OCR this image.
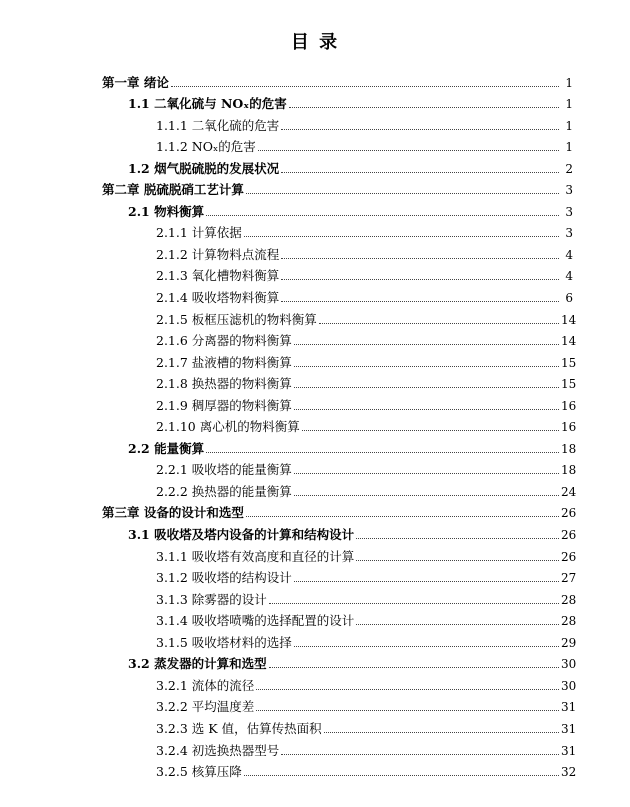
目 录
第一章 绪论	1
1.1 二氧化硫与 NOₓ的危害	1
1.1.1 二氧化硫的危害	1
1.1.2 NOₓ的危害	1
1.2 烟气脱硫脱的发展状况	2
第二章 脱硫脱硝工艺计算	3
2.1 物料衡算	3
2.1.1 计算依据	3
2.1.2 计算物料点流程	4
2.1.3 氧化槽物料衡算	4
2.1.4 吸收塔物料衡算	6
2.1.5 板框压滤机的物料衡算	14
2.1.6 分离器的物料衡算	14
2.1.7 盐液槽的物料衡算	15
2.1.8 换热器的物料衡算	15
2.1.9 稠厚器的物料衡算	16
2.1.10 离心机的物料衡算	16
2.2 能量衡算	18
2.2.1 吸收塔的能量衡算	18
2.2.2 换热器的能量衡算	24
第三章 设备的设计和选型	26
3.1 吸收塔及塔内设备的计算和结构设计	26
3.1.1 吸收塔有效高度和直径的计算	26
3.1.2 吸收塔的结构设计	27
3.1.3 除雾器的设计	28
3.1.4 吸收塔喷嘴的选择配置的设计	28
3.1.5 吸收塔材料的选择	29
3.2 蒸发器的计算和选型	30
3.2.1 流体的流径	30
3.2.2 平均温度差	31
3.2.3 选 K 值，估算传热面积	31
3.2.4 初选换热器型号	31
3.2.5 核算压降	32
